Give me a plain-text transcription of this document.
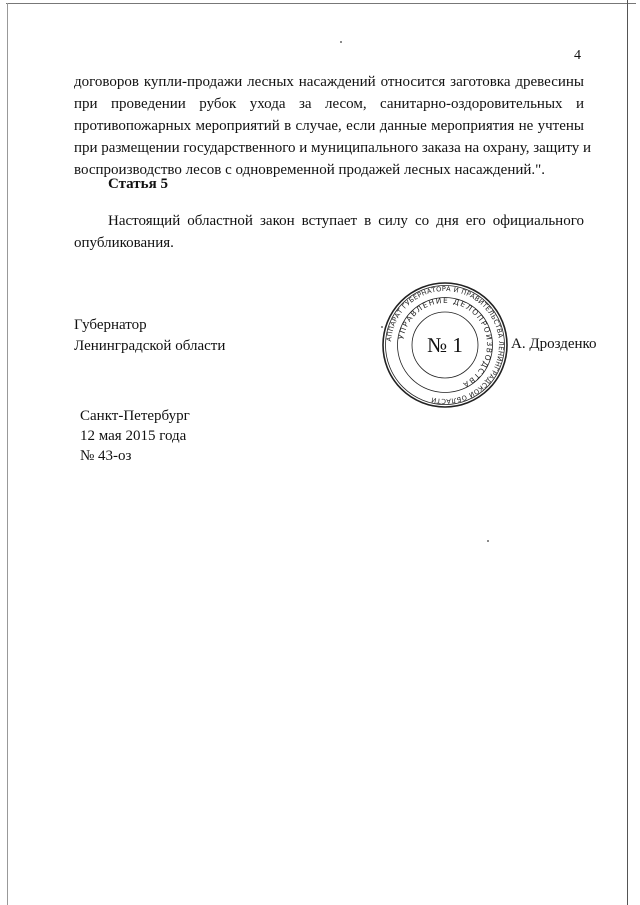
4
договоров купли-продажи лесных насаждений относится заготовка древесины
при проведении рубок ухода за лесом, санитарно-оздоровительных и
противопожарных мероприятий в случае, если данные мероприятия не учтены
при размещении государственного и муниципального заказа на охрану, защиту и
воспроизводство лесов с одновременной продажей лесных насаждений.".
Статья 5
Настоящий областной закон вступает в силу со дня его официального
опубликования.
Губернатор
Ленинградской области	А. Дрозденко
АППАРАТ ГУБЕРНАТОРА И ПРАВИТЕЛЬСТВА ЛЕНИНГРАДСКОЙ ОБЛАСТИ
УПРАВЛЕНИЕ ДЕЛОПРОИЗВОДСТВА
№ 1
Санкт-Петербург
12 мая 2015 года
№ 43-оз
